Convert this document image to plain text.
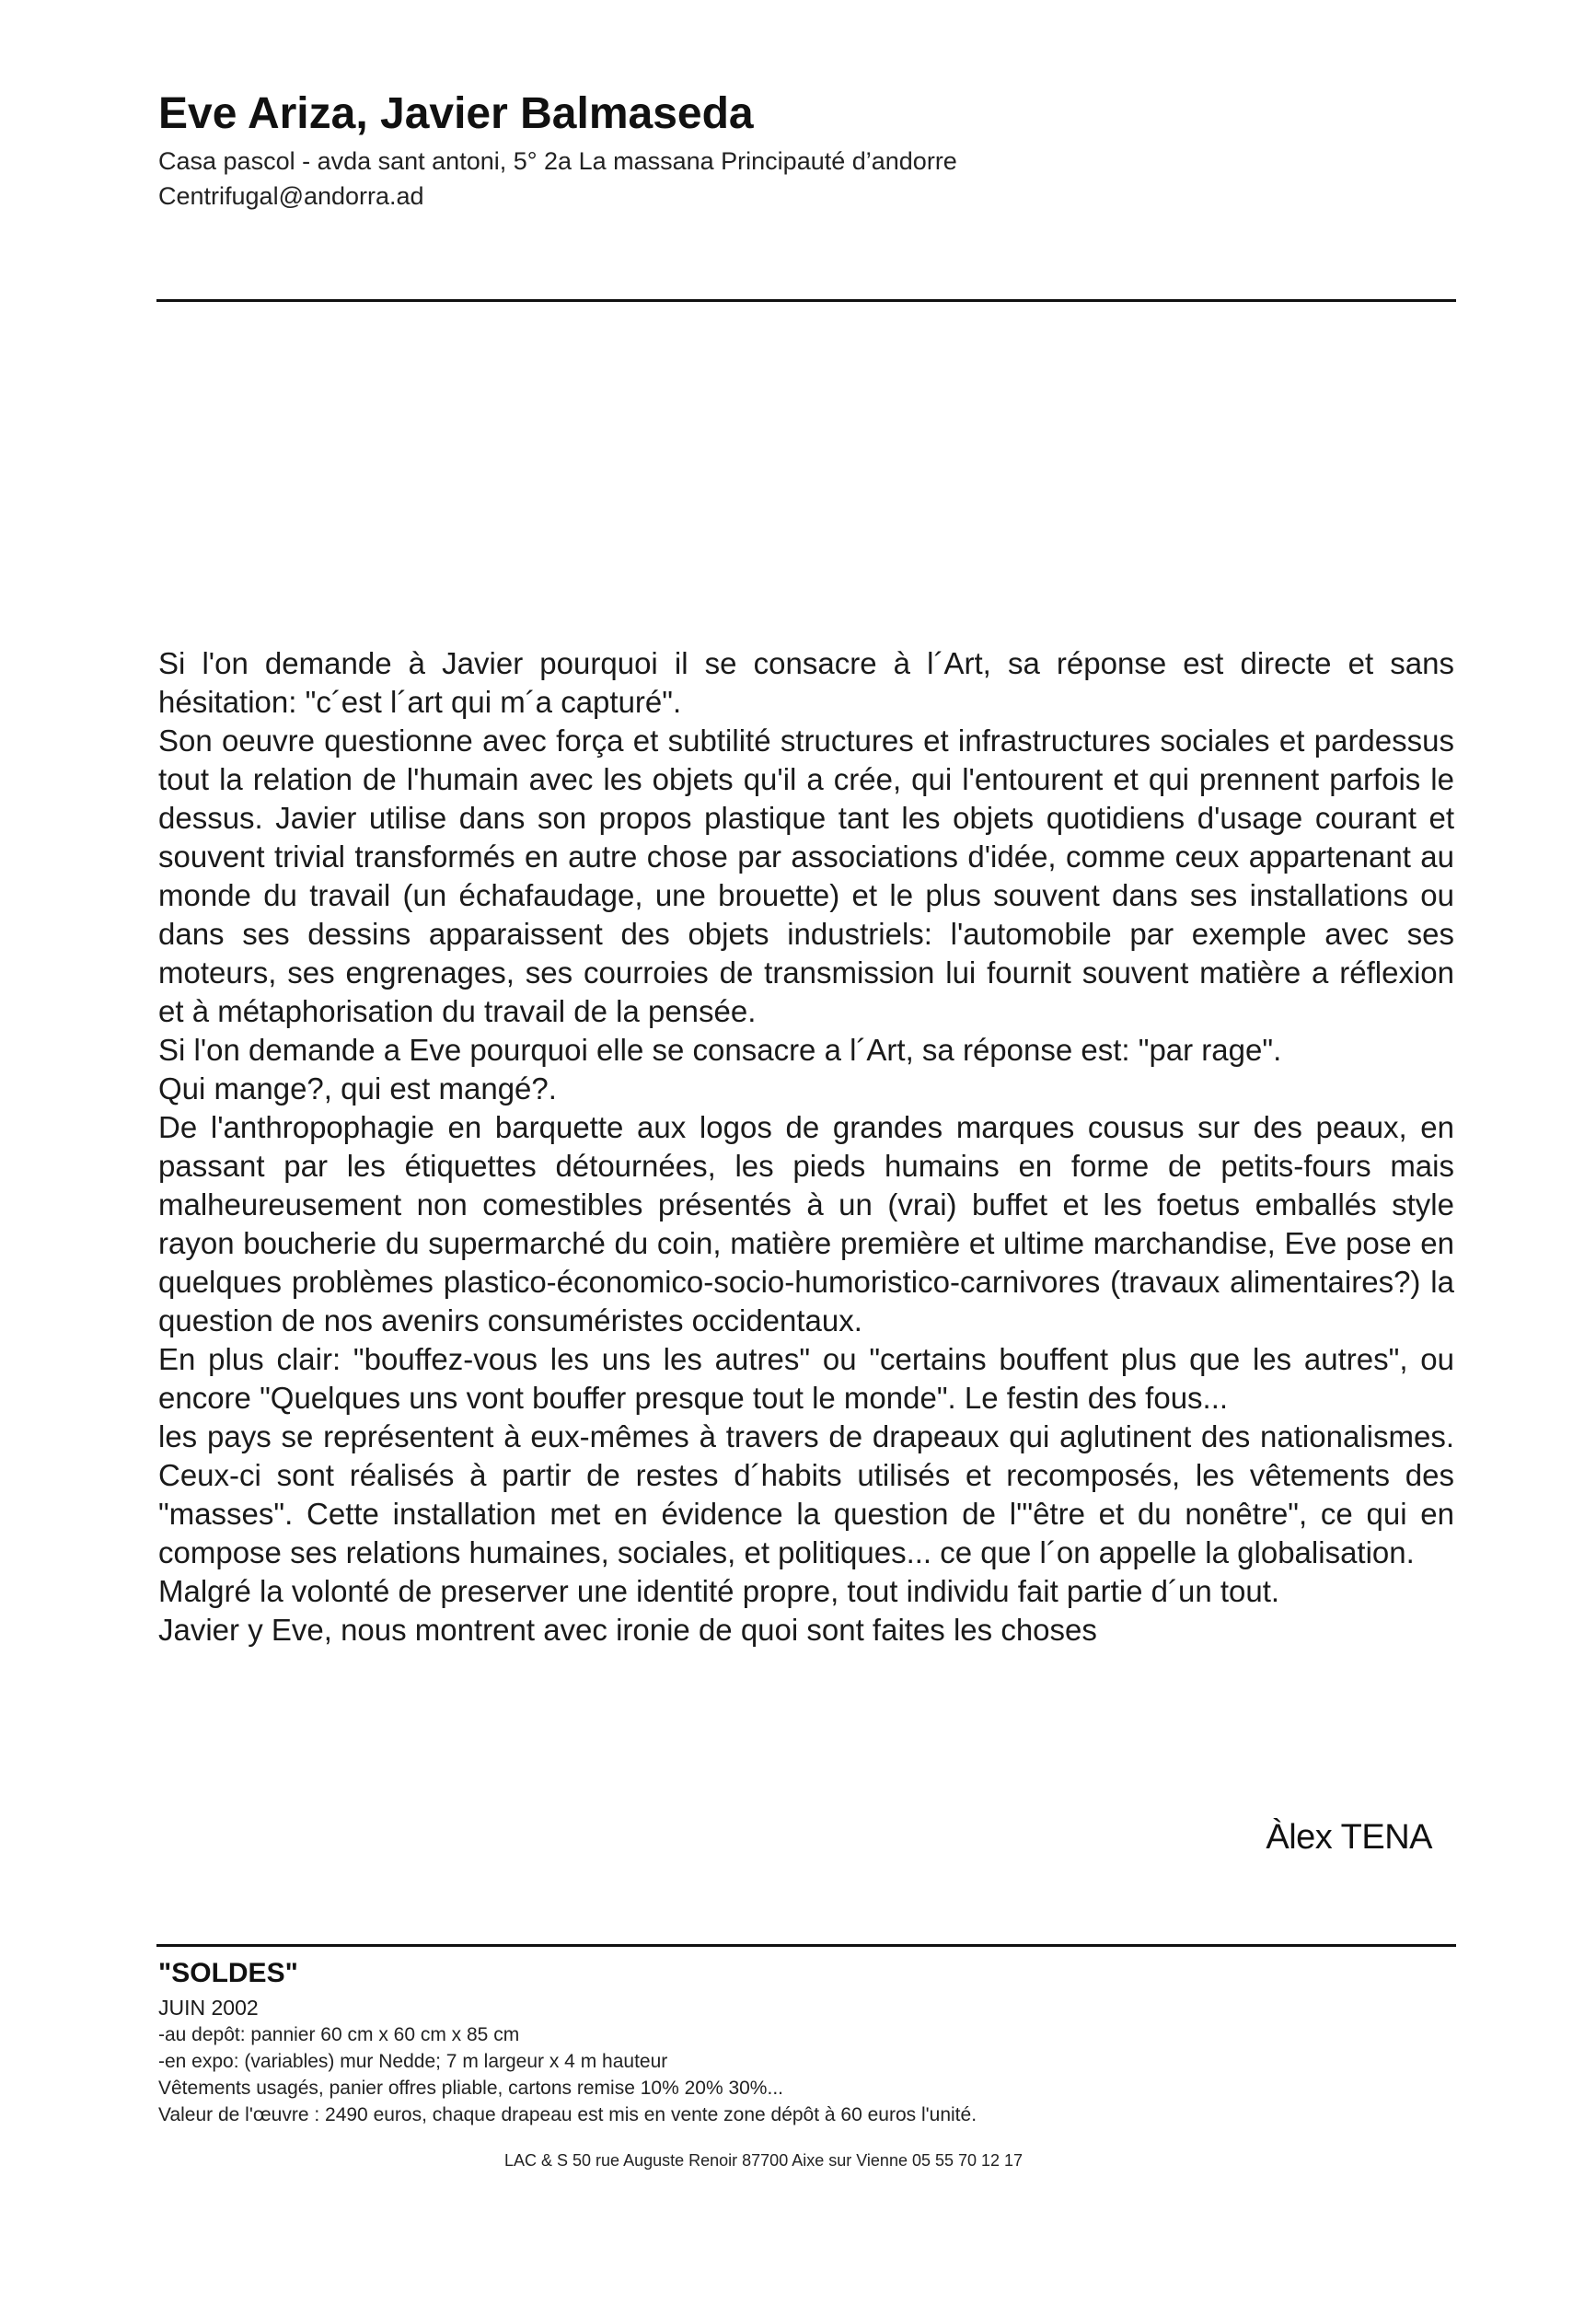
Eve Ariza, Javier Balmaseda

Casa pascol - avda sant antoni, 5° 2a La massana Principauté d’andorre

Centrifugal@andorra.ad

Si l'on demande à Javier pourquoi il se consacre à l´Art, sa réponse est directe et sans hésitation: "c´est l´art qui m´a capturé".

Son oeuvre questionne avec força et subtilité structures et infrastructures sociales et pardessus tout la relation de l'humain avec les objets qu'il a crée, qui l'entourent et qui prennent parfois le dessus. Javier utilise dans son propos plastique tant les objets quotidiens d'usage courant et souvent trivial transformés en autre chose par associations d'idée, comme ceux appartenant au monde du travail (un échafaudage, une brouette) et le plus souvent dans ses installations ou dans ses dessins apparaissent des objets industriels: l'automobile par exemple avec ses moteurs, ses engrenages, ses courroies de transmission lui fournit souvent matière a réflexion et à métaphorisation du travail de la pensée.

Si l'on demande a Eve pourquoi elle se consacre a l´Art, sa réponse est: "par rage".

Qui mange?, qui est mangé?.

De l'anthropophagie en barquette aux logos de grandes marques cousus sur des peaux, en passant par les étiquettes détournées, les pieds humains en forme de petits-fours mais malheureusement non comestibles présentés à un (vrai) buffet et les foetus emballés style rayon boucherie du supermarché du coin, matière première et ultime marchandise, Eve pose en quelques problèmes plastico-économico-socio-humoristico-carnivores (travaux alimentaires?) la question de nos avenirs consuméristes occidentaux.

En plus clair: "bouffez-vous les uns les autres" ou "certains bouffent plus que les autres", ou encore "Quelques uns vont bouffer presque tout le monde". Le festin des fous...

les pays se représentent à eux-mêmes à travers de drapeaux qui aglutinent des nationalismes. Ceux-ci sont réalisés à partir de restes d´habits utilisés et recomposés, les vêtements des "masses". Cette installation met en évidence la question de l'"être et du nonêtre", ce qui en compose ses relations humaines, sociales, et politiques... ce que l´on appelle la globalisation.

Malgré la volonté de preserver une identité propre, tout individu fait partie d´un tout.

Javier y Eve, nous montrent avec ironie de quoi sont faites les choses

Àlex TENA

"SOLDES"

JUIN 2002

-au depôt: pannier 60 cm x 60 cm x 85 cm

-en expo: (variables) mur Nedde; 7 m largeur x 4 m hauteur

Vêtements usagés, panier offres pliable, cartons remise 10% 20% 30%...

Valeur de l'œuvre : 2490 euros, chaque drapeau est mis en vente zone dépôt à 60 euros l'unité.

LAC & S 50 rue Auguste Renoir 87700 Aixe sur Vienne 05 55 70 12 17
